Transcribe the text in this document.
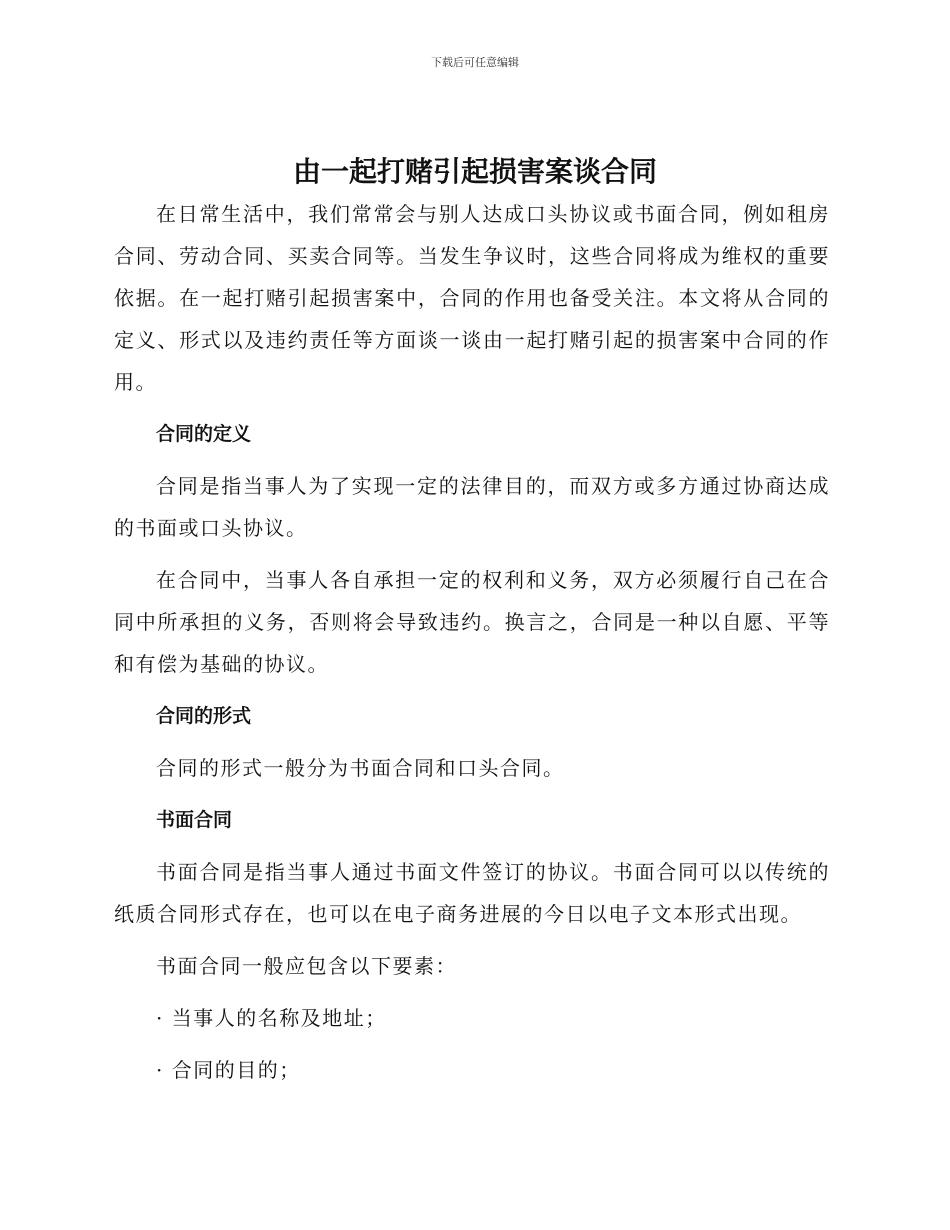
下载后可任意编辑
由一起打赌引起损害案谈合同

在日常生活中，我们常常会与别人达成口头协议或书面合同，例如租房合同、劳动合同、买卖合同等。当发生争议时，这些合同将成为维权的重要依据。在一起打赌引起损害案中，合同的作用也备受关注。本文将从合同的定义、形式以及违约责任等方面谈一谈由一起打赌引起的损害案中合同的作用。

合同的定义

合同是指当事人为了实现一定的法律目的，而双方或多方通过协商达成的书面或口头协议。

在合同中，当事人各自承担一定的权利和义务，双方必须履行自己在合同中所承担的义务，否则将会导致违约。换言之，合同是一种以自愿、平等和有偿为基础的协议。

合同的形式

合同的形式一般分为书面合同和口头合同。

书面合同

书面合同是指当事人通过书面文件签订的协议。书面合同可以以传统的纸质合同形式存在，也可以在电子商务进展的今日以电子文本形式出现。

书面合同一般应包含以下要素：

· 当事人的名称及地址；

· 合同的目的；
